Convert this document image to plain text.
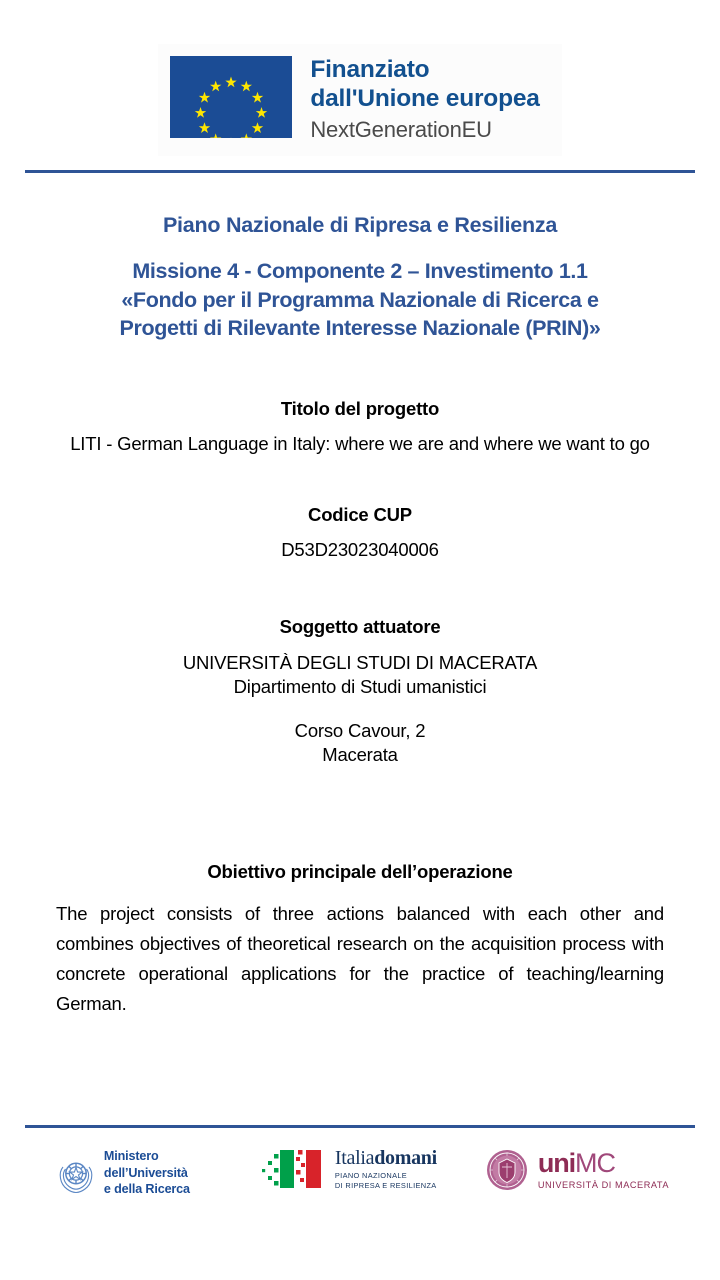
Finanziato
dall'Unione europea
NextGenerationEU
Piano Nazionale di Ripresa e Resilienza
Missione 4 - Componente 2 – Investimento 1.1
«Fondo per il Programma Nazionale di Ricerca e
Progetti di Rilevante Interesse Nazionale (PRIN)»
Titolo del progetto
LITI - German Language in Italy: where we are and where we want to go
Codice CUP
D53D23023040006
Soggetto attuatore
UNIVERSITÀ DEGLI STUDI DI MACERATA
Dipartimento di Studi umanistici
Corso Cavour, 2
Macerata
Obiettivo principale dell’operazione

The project consists of three actions balanced with each other and combines objectives of theoretical research on the acquisition process with concrete operational applications for the practice of teaching/learning German.

Ministero
dell’Università
e della Ricerca
Italiadomani
PIANO NAZIONALE
DI RIPRESA E RESILIENZA
uniMC
UNIVERSITÀ DI MACERATA
